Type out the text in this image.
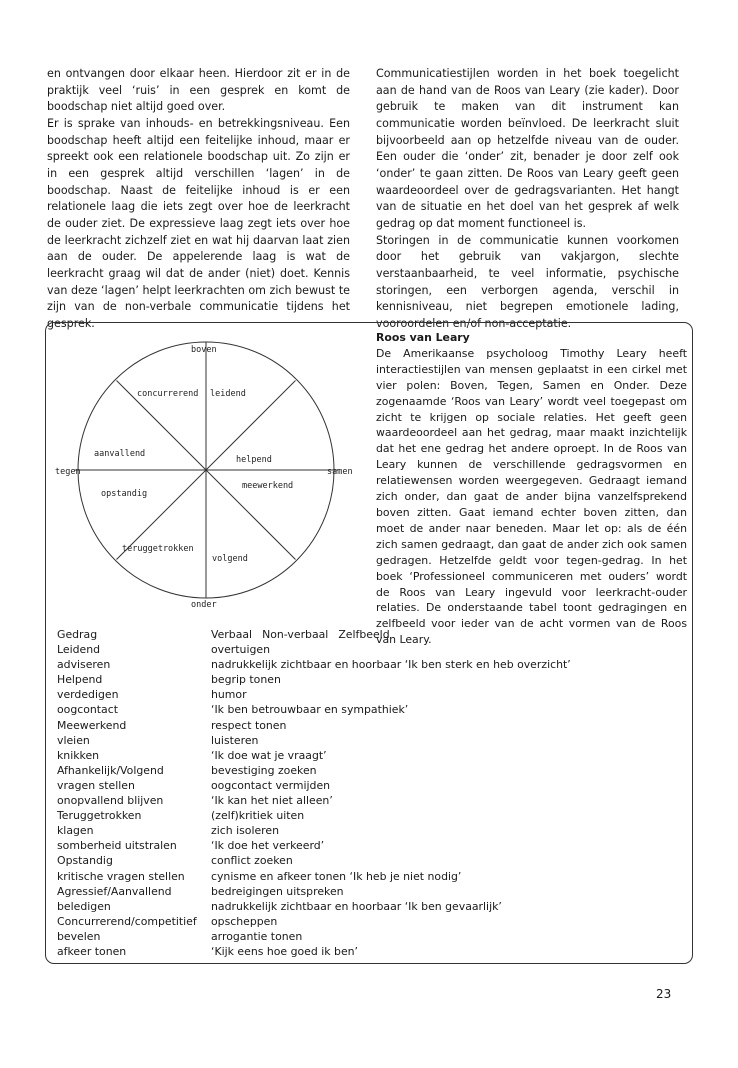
en ontvangen door elkaar heen. Hierdoor zit er in de praktijk veel ‘ruis’ in een gesprek en komt de boodschap niet altijd goed over.

Er is sprake van inhouds- en betrekkingsniveau. Een boodschap heeft altijd een feitelijke inhoud, maar er spreekt ook een relationele boodschap uit. Zo zijn er in een gesprek altijd verschillen ‘lagen’ in de boodschap. Naast de feitelijke inhoud is er een relationele laag die iets zegt over hoe de leerkracht de ouder ziet. De expressieve laag zegt iets over hoe de leerkracht zichzelf ziet en wat hij daarvan laat zien aan de ouder. De appelerende laag is wat de leerkracht graag wil dat de ander (niet) doet. Kennis van deze ‘lagen’ helpt leerkrachten om zich bewust te zijn van de non-verbale communicatie tijdens het gesprek.

Communicatiestijlen worden in het boek toegelicht aan de hand van de Roos van Leary (zie kader). Door gebruik te maken van dit instrument kan communicatie worden beïnvloed. De leerkracht sluit bijvoorbeeld aan op hetzelfde niveau van de ouder. Een ouder die ‘onder’ zit, benader je door zelf ook ‘onder’ te gaan zitten. De Roos van Leary geeft geen waardeoordeel over de gedragsvarianten. Het hangt van de situatie en het doel van het gesprek af welk gedrag op dat moment functioneel is.

Storingen in de communicatie kunnen voorkomen door het gebruik van vakjargon, slechte verstaanbaarheid, te veel informatie, psychische storingen, een verborgen agenda, verschil in kennisniveau, niet begrepen emotionele lading, vooroordelen en/of non-acceptatie.

boven
onder
tegen	samen
concurrerend leidend
aanvallend
helpend
opstandig
meewerkend
teruggetrokken
volgend
Roos van Leary

De Amerikaanse psycholoog Timothy Leary heeft interactiestijlen van mensen geplaatst in een cirkel met vier polen: Boven, Tegen, Samen en Onder. Deze zogenaamde ‘Roos van Leary’ wordt veel toegepast om zicht te krijgen op sociale relaties. Het geeft geen waardeoordeel aan het gedrag, maar maakt inzichtelijk dat het ene gedrag het andere oproept. In de Roos van Leary kunnen de verschillende gedragsvormen en relatiewensen worden weergegeven. Gedraagt iemand zich onder, dan gaat de ander bijna vanzelfsprekend boven zitten. Gaat iemand echter boven zitten, dan moet de ander naar beneden. Maar let op: als de één zich samen gedraagt, dan gaat de ander zich ook samen gedragen. Hetzelfde geldt voor tegen-gedrag. In het boek ‘Professioneel communiceren met ouders’ wordt de Roos van Leary ingevuld voor leerkracht-ouder relaties. De onderstaande tabel toont gedragingen en zelfbeeld voor ieder van de acht vormen van de Roos van Leary.

Gedrag	Verbaal Non-verbaal Zelfbeeld
Leidend	overtuigen
adviseren	nadrukkelijk zichtbaar en hoorbaar ‘Ik ben sterk en heb overzicht’
Helpend	begrip tonen
verdedigen	humor
oogcontact	‘Ik ben betrouwbaar en sympathiek’
Meewerkend	respect tonen
vleien	luisteren
knikken	‘Ik doe wat je vraagt’
Afhankelijk/Volgend	bevestiging zoeken
vragen stellen	oogcontact vermijden
onopvallend blijven	‘Ik kan het niet alleen’
Teruggetrokken	(zelf)kritiek uiten
klagen	zich isoleren
somberheid uitstralen	‘Ik doe het verkeerd’
Opstandig	conflict zoeken
kritische vragen stellen	cynisme en afkeer tonen ‘Ik heb je niet nodig’
Agressief/Aanvallend	bedreigingen uitspreken
beledigen	nadrukkelijk zichtbaar en hoorbaar ‘Ik ben gevaarlijk’
Concurrerend/competitief	opscheppen
bevelen	arrogantie tonen
afkeer tonen	‘Kijk eens hoe goed ik ben’
23
